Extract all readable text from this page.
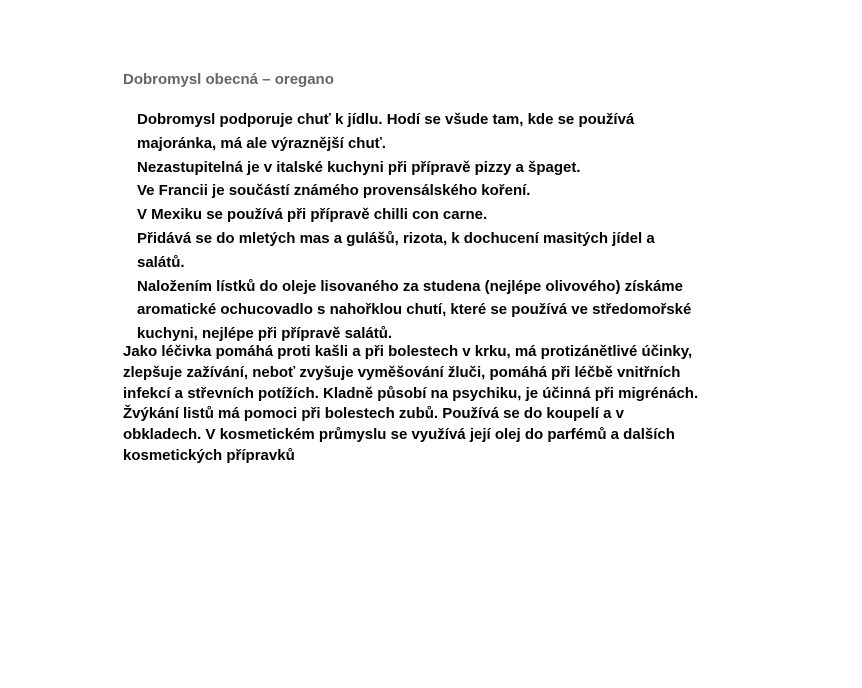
Dobromysl obecná – oregano

Dobromysl podporuje chuť k jídlu. Hodí se všude tam, kde se používá majoránka, má ale výraznější chuť.

Nezastupitelná je v italské kuchyni při přípravě pizzy a špaget.

Ve Francii je součástí známého provensálského koření.

V Mexiku se používá při přípravě chilli con carne.

Přidává se do mletých mas a gulášů, rizota, k dochucení masitých jídel a salátů.

Naložením lístků do oleje lisovaného za studena (nejlépe olivového) získáme aromatické ochucovadlo s nahořklou chutí, které se používá ve středomořské kuchyni, nejlépe při přípravě salátů.

Jako léčivka pomáhá proti kašli a při bolestech v krku, má protizánětlivé účinky, zlepšuje zažívání, neboť zvyšuje vyměšování žluči, pomáhá při léčbě vnitřních infekcí a střevních potížích. Kladně působí na psychiku, je účinná při migrénách. Žvýkání listů má pomoci při bolestech zubů. Používá se do koupelí a v obkladech. V kosmetickém průmyslu se využívá její olej do parfémů a dalších kosmetických přípravků
